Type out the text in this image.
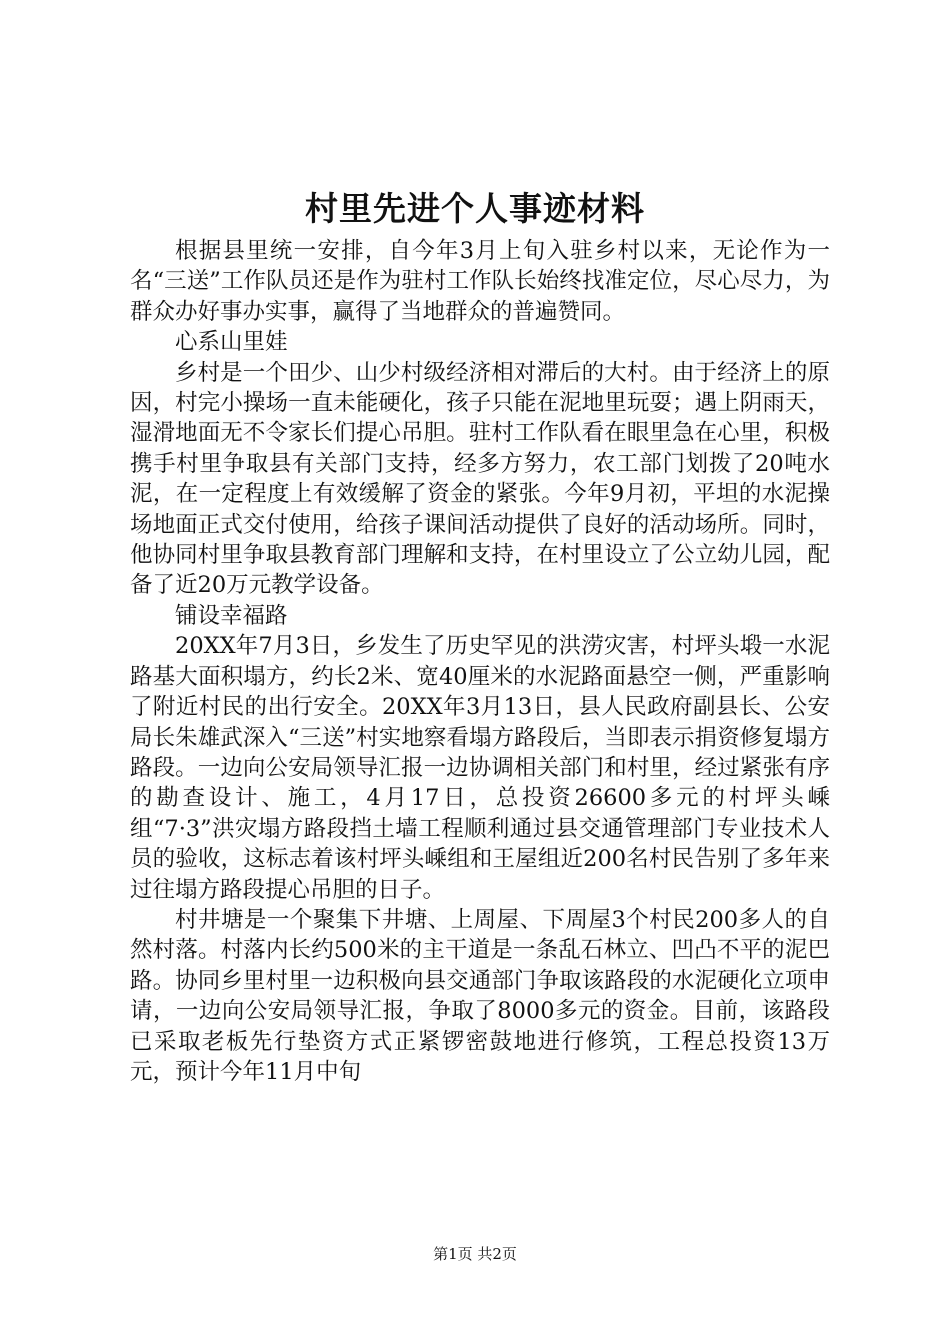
村里先进个人事迹材料

根据县里统一安排，自今年3月上旬入驻乡村以来，无论作为一名“三送”工作队员还是作为驻村工作队长始终找准定位，尽心尽力，为群众办好事办实事，赢得了当地群众的普遍赞同。

心系山里娃

乡村是一个田少、山少村级经济相对滞后的大村。由于经济上的原因，村完小操场一直未能硬化，孩子只能在泥地里玩耍；遇上阴雨天，湿滑地面无不令家长们提心吊胆。驻村工作队看在眼里急在心里，积极携手村里争取县有关部门支持，经多方努力，农工部门划拨了20吨水泥，在一定程度上有效缓解了资金的紧张。今年9月初，平坦的水泥操场地面正式交付使用，给孩子课间活动提供了良好的活动场所。同时，他协同村里争取县教育部门理解和支持，在村里设立了公立幼儿园，配备了近20万元教学设备。

铺设幸福路

20XX年7月3日，乡发生了历史罕见的洪涝灾害，村坪头塅一水泥路基大面积塌方，约长2米、宽40厘米的水泥路面悬空一侧，严重影响了附近村民的出行安全。20XX年3月13日，县人民政府副县长、公安局长朱雄武深入“三送”村实地察看塌方路段后，当即表示捐资修复塌方路段。一边向公安局领导汇报一边协调相关部门和村里，经过紧张有序的勘查设计、施工，4月17日，总投资26600多元的村坪头嵊组“7·3”洪灾塌方路段挡土墙工程顺利通过县交通管理部门专业技术人员的验收，这标志着该村坪头嵊组和王屋组近200名村民告别了多年来过往塌方路段提心吊胆的日子。

村井塘是一个聚集下井塘、上周屋、下周屋3个村民200多人的自然村落。村落内长约500米的主干道是一条乱石林立、凹凸不平的泥巴路。协同乡里村里一边积极向县交通部门争取该路段的水泥硬化立项申请，一边向公安局领导汇报，争取了8000多元的资金。目前，该路段已采取老板先行垫资方式正紧锣密鼓地进行修筑，工程总投资13万元，预计今年11月中旬

第1页 共2页
